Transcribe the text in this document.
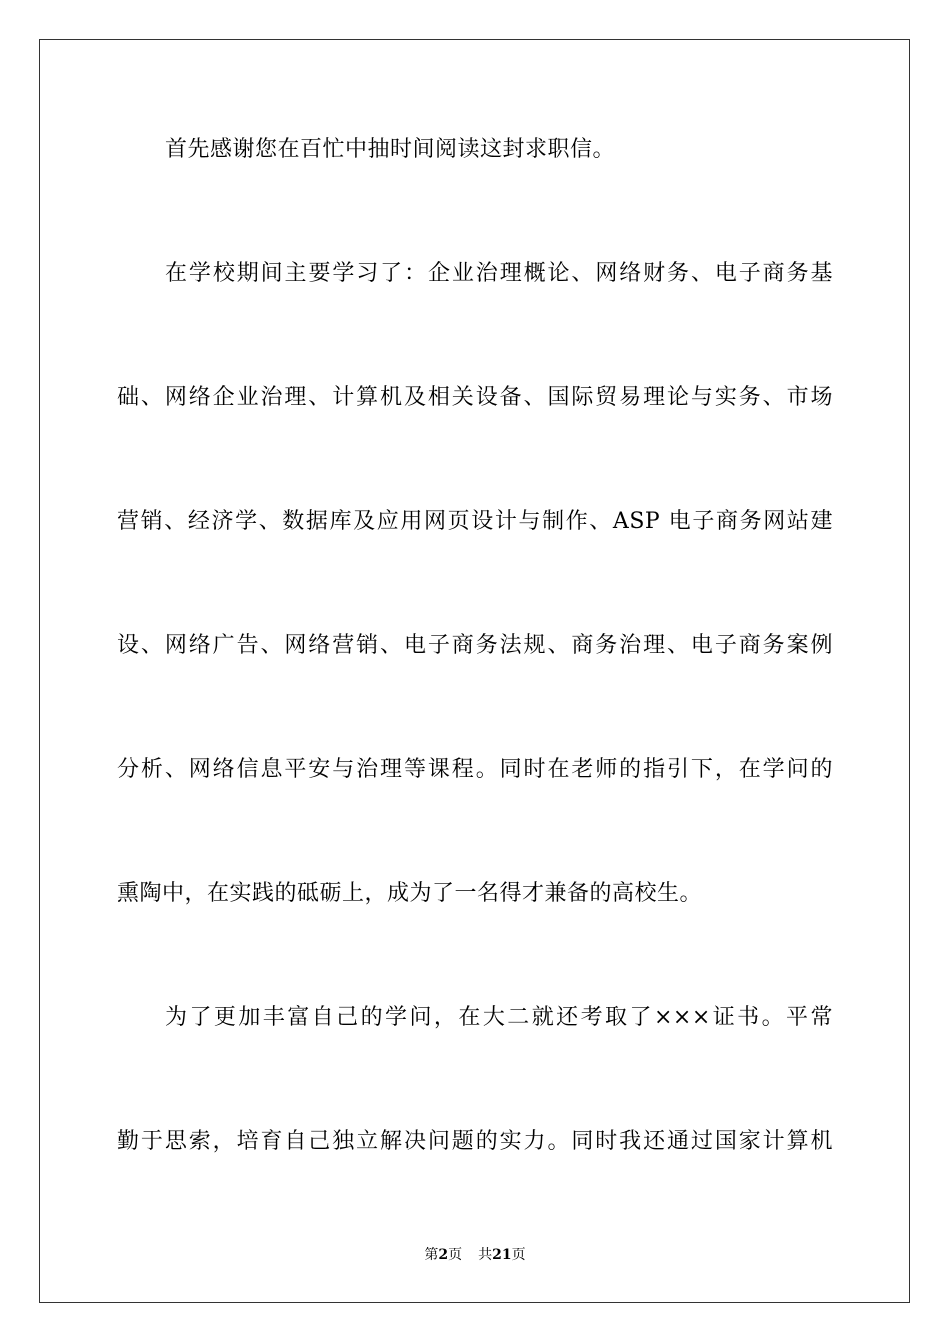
首先感谢您在百忙中抽时间阅读这封求职信。
在学校期间主要学习了：企业治理概论、网络财务、电子商务基
础、网络企业治理、计算机及相关设备、国际贸易理论与实务、市场
营销、经济学、数据库及应用网页设计与制作、ASP 电子商务网站建
设、网络广告、网络营销、电子商务法规、商务治理、电子商务案例
分析、网络信息平安与治理等课程。同时在老师的指引下，在学问的
熏陶中，在实践的砥砺上，成为了一名得才兼备的高校生。
为了更加丰富自己的学问，在大二就还考取了×××证书。平常
勤于思索，培育自己独立解决问题的实力。同时我还通过国家计算机
第2页 共21页
